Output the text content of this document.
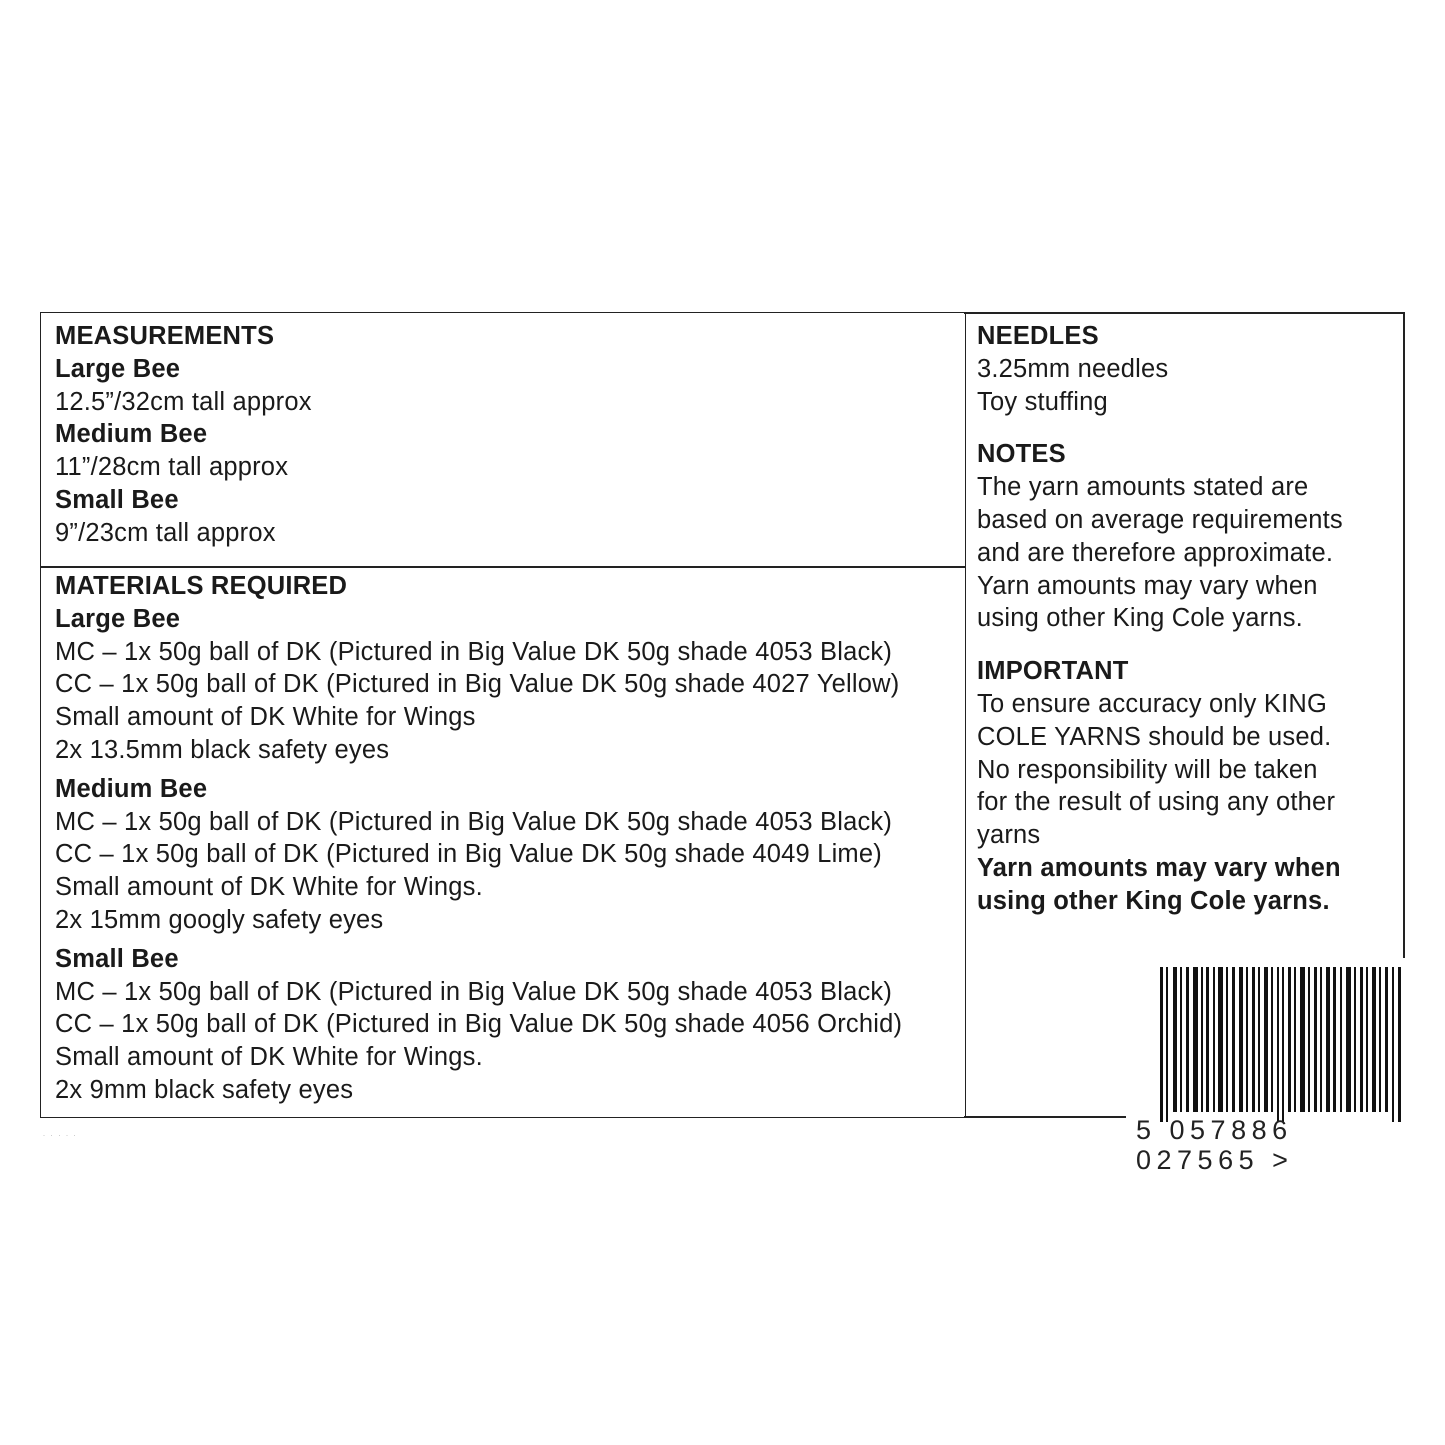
MEASUREMENTS
Large Bee
12.5”/32cm tall approx
Medium Bee
11”/28cm tall approx
Small Bee
9”/23cm tall approx
MATERIALS REQUIRED
Large Bee
MC – 1x 50g ball of DK (Pictured in Big Value DK 50g shade 4053 Black)
CC – 1x 50g ball of DK (Pictured in Big Value DK 50g shade 4027 Yellow)
Small amount of DK White for Wings
2x 13.5mm black safety eyes
Medium Bee
MC – 1x 50g ball of DK (Pictured in Big Value DK 50g shade 4053 Black)
CC – 1x 50g ball of DK (Pictured in Big Value DK 50g shade 4049 Lime)
Small amount of DK White for Wings.
2x 15mm googly safety eyes
Small Bee
MC – 1x 50g ball of DK (Pictured in Big Value DK 50g shade 4053 Black)
CC – 1x 50g ball of DK (Pictured in Big Value DK 50g shade 4056 Orchid)
Small amount of DK White for Wings.
2x 9mm black safety eyes
NEEDLES
3.25mm needles
Toy stuffing
NOTES
The yarn amounts stated are
based on average requirements
and are therefore approximate.
Yarn amounts may vary when
using other King Cole yarns.
IMPORTANT
To ensure accuracy only KING
COLE YARNS should be used.
No responsibility will be taken
for the result of using any other
yarns
Yarn amounts may vary when
using other King Cole yarns.
5 057886 027565 >
· · · · ·
